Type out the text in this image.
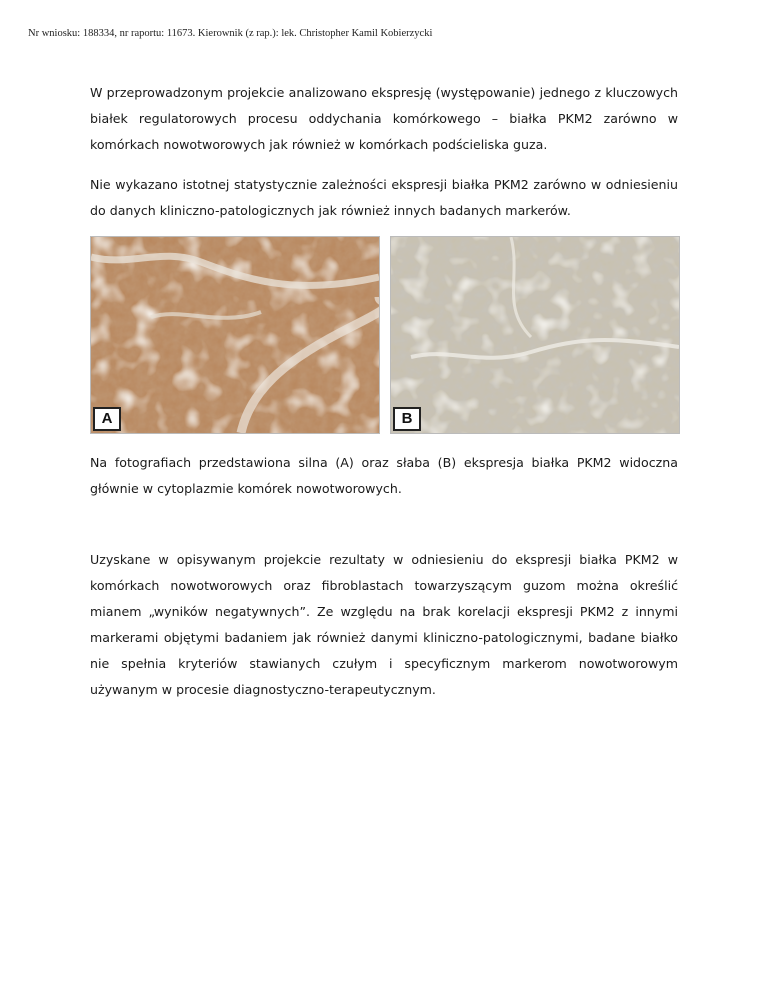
Nr wniosku: 188334, nr raportu: 11673. Kierownik (z rap.): lek. Christopher Kamil Kobierzycki

W przeprowadzonym projekcie analizowano ekspresję (występowanie) jednego z kluczowych białek regulatorowych procesu oddychania komórkowego – białka PKM2 zarówno w komórkach nowotworowych jak również w komórkach podścieliska guza.

Nie wykazano istotnej statystycznie zależności ekspresji białka PKM2 zarówno w odniesieniu do danych kliniczno-patologicznych jak również innych badanych markerów.

A	B

Na fotografiach przedstawiona silna (A) oraz słaba (B) ekspresja białka PKM2 widoczna głównie w cytoplazmie komórek nowotworowych.

Uzyskane w opisywanym projekcie rezultaty w odniesieniu do ekspresji białka PKM2 w komórkach nowotworowych oraz fibroblastach towarzyszącym guzom można określić mianem „wyników negatywnych”. Ze względu na brak korelacji ekspresji PKM2 z innymi markerami objętymi badaniem jak również danymi kliniczno-patologicznymi, badane białko nie spełnia kryteriów stawianych czułym i specyficznym markerom nowotworowym używanym w procesie diagnostyczno-terapeutycznym.
